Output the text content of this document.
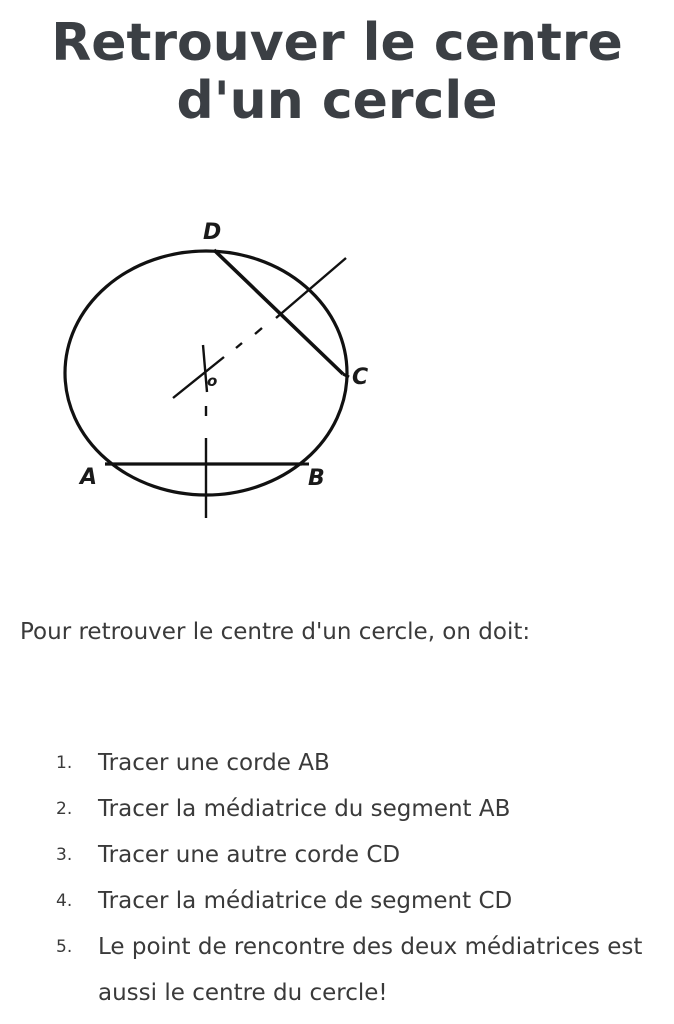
Retrouver le centre d'un cercle
D
C
o
A	B

Pour retrouver le centre d'un cercle, on doit:

1. Tracer une corde AB
2. Tracer la médiatrice du segment AB
3. Tracer une autre corde CD
4. Tracer la médiatrice de segment CD
5. Le point de rencontre des deux médiatrices est aussi le centre du cercle!
